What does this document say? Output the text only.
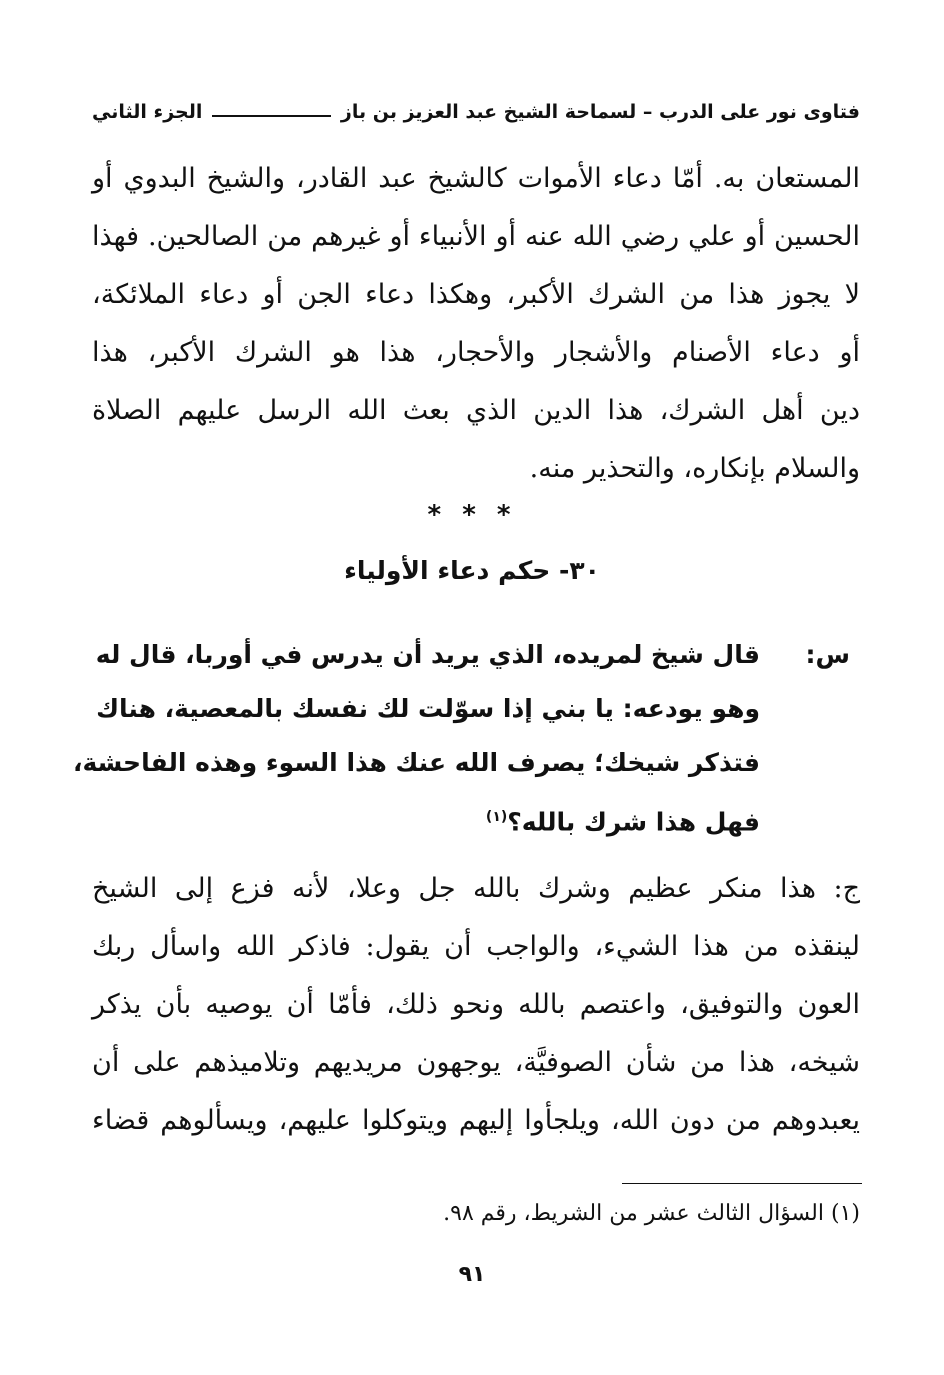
فتاوى نور على الدرب – لسماحة الشيخ عبد العزيز بن باز
الجزء الثاني
المستعان به. أمّا دعاء الأموات كالشيخ عبد القادر، والشيخ البدوي أو
الحسين أو علي رضي الله عنه أو الأنبياء أو غيرهم من الصالحين. فهذا
لا يجوز هذا من الشرك الأكبر، وهكذا دعاء الجن أو دعاء الملائكة،
أو دعاء الأصنام والأشجار والأحجار، هذا هو الشرك الأكبر، هذا
دين أهل الشرك، هذا الدين الذي بعث الله الرسل عليهم الصلاة
والسلام بإنكاره، والتحذير منه.
* * *
٣٠- حكم دعاء الأولياء
س:
قال شيخ لمريده، الذي يريد أن يدرس في أوربا، قال له
وهو يودعه: يا بني إذا سوّلت لك نفسك بالمعصية، هناك
فتذكر شيخك؛ يصرف الله عنك هذا السوء وهذه الفاحشة،
فهل هذا شرك بالله؟$^{(١)}$
ج: هذا منكر عظيم وشرك بالله جل وعلا، لأنه فزع إلى الشيخ
لينقذه من هذا الشيء، والواجب أن يقول: فاذكر الله واسأل ربك
العون والتوفيق، واعتصم بالله ونحو ذلك، فأمّا أن يوصيه بأن يذكر
شيخه، هذا من شأن الصوفيَّة، يوجهون مريديهم وتلاميذهم على أن
يعبدوهم من دون الله، ويلجأوا إليهم ويتوكلوا عليهم، ويسألوهم قضاء
(١) السؤال الثالث عشر من الشريط، رقم ٩٨.
٩١
